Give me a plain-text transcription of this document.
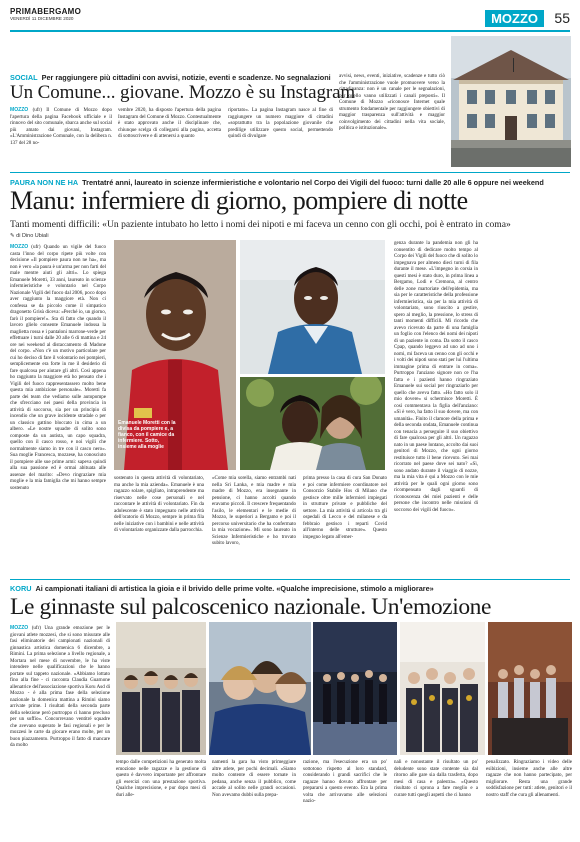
PRIMABERGAMO
VENERDÌ 11 DICEMBRE 2020	MOZZO	55
SOCIAL Per raggiungere più cittadini con avvisi, notizie, eventi e scadenze. No segnalazioni
Un Comune... giovane. Mozzo è su Instagram
MOZZO (ufr) Il Comune di Mozzo dopo l'apertura della pagina Facebook ufficiale e il rinnovo del sito comunale, sbarca anche sul social più amato dai giovani, Instagram. «L'Amministrazione Comunale, con la delibera n. 137 del 28 no-
vembre 2020, ha disposto l'apertura della pagina Instagram del Comune di Mozzo. Contestualmente è stato approvato anche il disciplinare che, chiunque scelga di collegarsi alla pagina, accetta di sottoscrivere e di attenersi a quanto
riportato». La pagina Instagram nasce al fine di raggiungere un numero maggiore di cittadini «soprattutto tra la popolazione giovanile che predilige utilizzare questo social, permettendo quindi di divulgare
avvisi, news, eventi, iniziative, scadenze e tutto ciò che l'amministrazione vuole promuovere verso la cittadinanza: non è un canale per le segnalazioni, per quello vanno utilizzati i canali preposti». Il Comune di Mozzo «riconosce Internet quale strumento fondamentale per raggiungere obiettivi di maggior trasparenza sull'attività e maggior coinvolgimento dei cittadini nella vita sociale, politica e istituzionale».
PAURA NON NE HA Trentatré anni, laureato in scienze infermieristiche e volontario nel Corpo dei Vigili del fuoco: turni dalle 20 alle 6 oppure nei weekend
Manu: infermiere di giorno, pompiere di notte
Tanti momenti difficili: «Un paziente intubato ho letto i nomi dei nipoti e mi faceva un cenno con gli occhi, poi è entrato in coma»
✎ di Dino Ubiali
MOZZO (ufr) Quando un vigile del fuoco casta l'inno del corpo ripete più volte con decisione «Il pompiere paura non ne ha», ma non è vero «la paura è un'arma per non farti del male mentre aiuti gli altri». Lo spiega Emanuele Moretti, 33 anni, laureato in scienze infermieristiche e volontario nel Corpo Nazionale Vigili del fuoco dal 2006, poco dopo aver raggiunto la maggiore età. Non ci confessa se da piccolo come il simpatico dragonetto Grisù diceva: «Perché io, un giorno, farò il pompiere!». Sta di fatto che quando il lavoro glielo consente Emanuele indossa la maglietta rossa e i pantaloni marrone-verde per effettuare i turni dalle 20 alle 6 di mattina e 24 ore nei weekend al distaccamento di Madone del corpo. «Non c'è un motivo particolare per cui ho deciso di fare il volontario nei pompieri, semplicemente era forte in me il desiderio di fare qualcosa per aiutare gli altri. Così appena ho raggiunto la maggiore età ho pensato che i Vigili del fuoco rappresentassero molto bene questa mia ambizione personale». Moretti fa parte dei team che vediamo sulle autopompe che sfrecciano nei paesi della provincia in attività di soccorso, sia per un principio di incendio che un grave incidente stradale o per un classico gattino bloccato in cima a un albero. «Le nostre squadre di solito sono composte da un autista, un capo squadra, quello con il casco rosso, e noi vigili che normalmente siamo in tre con il casco nero». Sua moglie Francesca, mozzese, ha conosciuto il pompiere alle sue prime armi: sapeva quindi alla sua passione ed è ormai abituata alle assenze del marito: «Devo ringraziare mia moglie e la mia famiglia che mi hanno sempre sostenuto
Emanuele Moretti con la divisa da pompiere e, a fianco, con il camice da infermiere. Sotto, insieme alla moglie
sostenuto in questa attività di volontariato, ma anche la mia azienda». Emanuele è una ragazzo solare, spigliato, intraprendente ma riservato nelle cose personali e nel raccontare le attività di volontariato. Fin da adolescente è stato impegnato nelle attività dell'oratorio di Mozzo, sempre in prima fila nelle iniziative con i bambini e nelle attività di volontariato organizzate dalla parrocchia.
«Come mia sorella, siamo entrambi nati nella Sri Lanka, e mia madre e mia madre di Mozzo, era insegnante in pensione, ci hanno accolti quando eravamo piccoli. Il crescere frequentando l'asilo, le elementari e le medie di Mozzo, le superiori a Bergamo e poi il percorso universitario che ha confermato la mia vocazione». Mi sono laureato in Scienze Infermieristiche e ho trovato subito lavoro,
prima presso la casa di cura San Donato e poi come infermiere coordinatore nel Consorzio Stabile Hos di Milano che gestisce oltre mille infermieri impiegati in strutture private e pubbliche del settore. La mia attività si articola tra gli ospedali di Lecco e del milanese e da febbraio gestisco i reparti Covid all'interno delle strutture». Questo impegno legato all'emer-
genza durante la pandemia non gli ha consentito di dedicare molto tempo al Corpo dei Vigili del fuoco che di solito lo impegnava per almeno dieci turni di fila durante il mese. «L'impegno in corsia in questi mesi è stato duro, in prima linea a Bergamo, Lodi e Cremona, al centro delle zone martoriate dell'epidemia, ma sia per le caratteristiche della professione infermieristica, sia per la mia attività di volontariato, sono riuscito a gestire, spero al meglio, la pressione, lo stress di tanti momenti difficili. Mi ricordo che avevo ricevuto da parte di una famiglia un foglio con l'elenco dei nomi dei nipoti di un paziente in coma. Da sotto il casco Cpap, quando leggevo ad uno ad uno i nomi, mi faceva un cenno con gli occhi e i volti dei nipoti sono stati per lui l'ultima immagine prima di entrare in coma». Purtroppo l'anziano signore non ce l'ha fatta e i pazienti hanno ringraziato Emanuele sui social per ringraziarlo per quello che aveva fatto. «Ho fatto solo il mio dovere» si schermisce Moretti. È così commentava la figlia dell'anziano: «Sì è vero, ha fatto il suo dovere, ma con umanità». Finito il clamore della prima e della seconda ondata, Emanuele continua con tenacia a perseguire il suo obiettivo di fare qualcosa per gli altri. Un ragazzo nato in un paese lontano, accolto dai suoi genitori di Mozzo, che ogni giorno restituisce tutto il bene ricevuto. Sei mai ricorrato nel paese dove sei nato? «Sì, sono andato durante il viaggio di nozze, ma la mia vita è qui a Mozzo con le mie attività per le quali ogni giorno sono ricompensato dagli sguardi di riconoscenza dei miei pazienti e delle persone che incontro nelle missioni di soccorso dei vigili del fuoco».
KORU Ai campionati italiani di artistica la gioia e il brivido delle prime volte. «Qualche imprecisione, stimolo a migliorare»
Le ginnaste sul palcoscenico nazionale. Un'emozione
MOZZO (ufr) Una grande emozione per le giovani atlete mozzesi, che si sono misurate alle fasi eliminatorie dei campionati nazionali di ginnastica artistica domenica 6 dicembre, a Rimini. La prima selezione a livello regionale, a Mortara nel mese di novembre, le ha viste intendere nelle qualificazioni che le hanno portate sul tappeto nazionale. «Abbiamo lottato fino alla fine - ci racconta Claudia Guarnone allenatrice dell'associazione sportiva Koru Asd di Mozzo - è alla prima fase della selezione nazionale la domenica mattina a Rimini siamo arrivate prime. I risultati della seconda parte della selezione però purtroppo ci hanno precluso per un soffio». Concorrevano ventitré squadre che avevano superato le fasi regionali e per le mozzesi le carte da giocare erano molte, per un buon piazzamento. Purtroppo il fatto di mancare da molto
tempo dalle competizioni ha generato molta emozione nelle ragazze e la gestione di questo è davvero importante per affrontare gli esercizi con una prestazione sportiva. Qualche imprecisione, e pur dopo mesi di duri alle-
namenti la gara ha visto primeggiare altre atlete, per pochi decimali. «Siamo molto contente di essere tornate in pedana, anche senza il pubblico, come accade al solito nelle grandi occasioni. Non avevamo dubbi sulla prepa-
razione, ma l'esecuzione era un po' sottotono rispetto al loro standard, considerando i grandi sacrifici che le ragazze hanno dovuto affrontare per prepararsi a questo evento. Era la prima volta che arrivavamo alle selezioni nazio-
nali e nonostante il risultato un po' deludente sono state contente sia dal ritorno alle gare sia dalla trasferta, dopo mesi di casa e palestra». «Questo risultato ci sprona a fare meglio e a curare tutti quegli aspetti che ci hanno
penalizzato. Ringraziamo i video delle esibizioni, insieme anche alle altre ragazze che non hanno partecipato, per migliorare. Resta una grande soddisfazione per tutti: atlete, genitori e il nostro staff che cura gli allenamenti.
